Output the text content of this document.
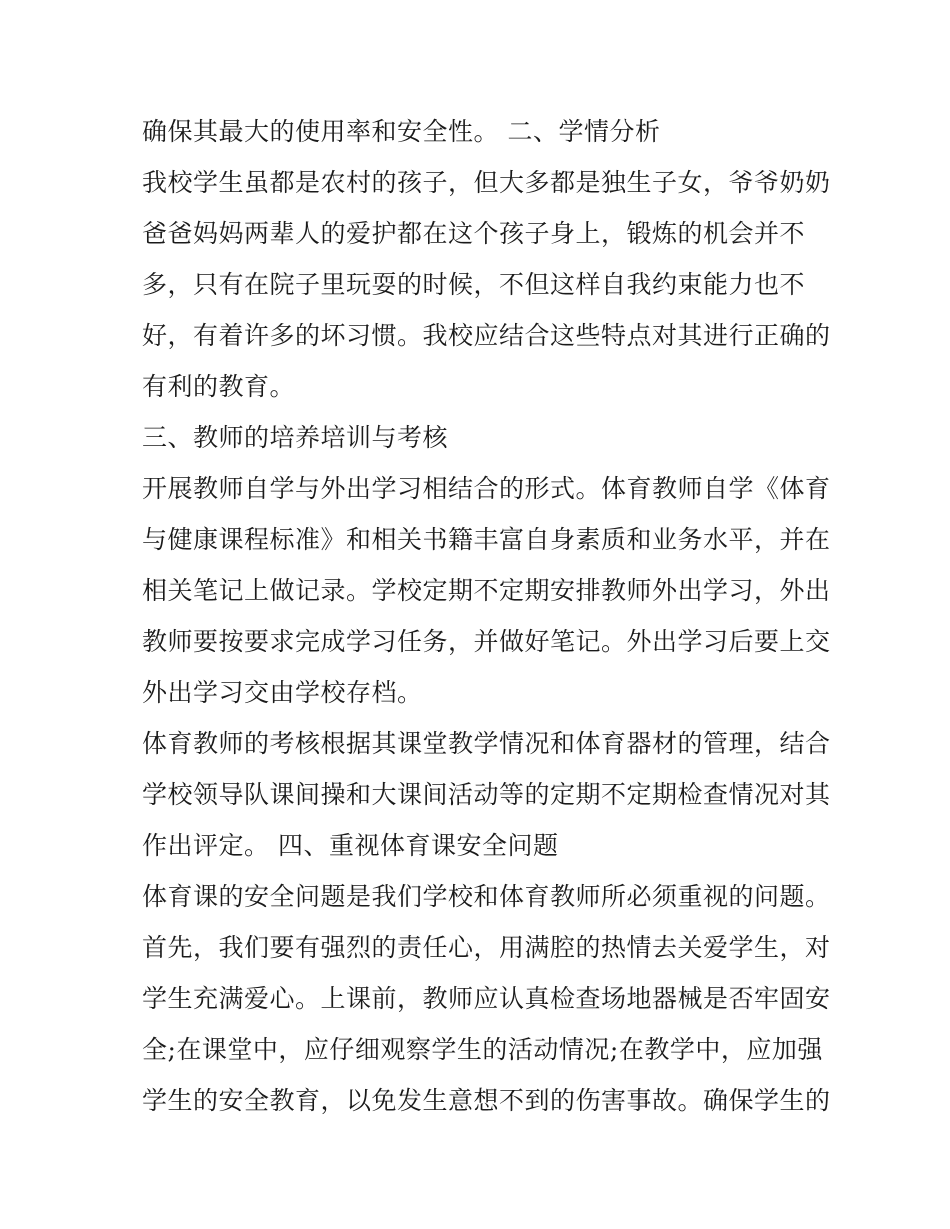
确保其最大的使用率和安全性。 二、学情分析

我校学生虽都是农村的孩子，但大多都是独生子女，爷爷奶奶

爸爸妈妈两辈人的爱护都在这个孩子身上，锻炼的机会并不

多，只有在院子里玩耍的时候，不但这样自我约束能力也不

好，有着许多的坏习惯。我校应结合这些特点对其进行正确的

有利的教育。

三、教师的培养培训与考核

开展教师自学与外出学习相结合的形式。体育教师自学《体育

与健康课程标准》和相关书籍丰富自身素质和业务水平，并在

相关笔记上做记录。学校定期不定期安排教师外出学习，外出

教师要按要求完成学习任务，并做好笔记。外出学习后要上交

外出学习交由学校存档。

体育教师的考核根据其课堂教学情况和体育器材的管理，结合

学校领导队课间操和大课间活动等的定期不定期检查情况对其

作出评定。 四、重视体育课安全问题

体育课的安全问题是我们学校和体育教师所必须重视的问题。

首先，我们要有强烈的责任心，用满腔的热情去关爱学生，对

学生充满爱心。上课前，教师应认真检查场地器械是否牢固安

全;在课堂中，应仔细观察学生的活动情况;在教学中，应加强

学生的安全教育，以免发生意想不到的伤害事故。确保学生的
